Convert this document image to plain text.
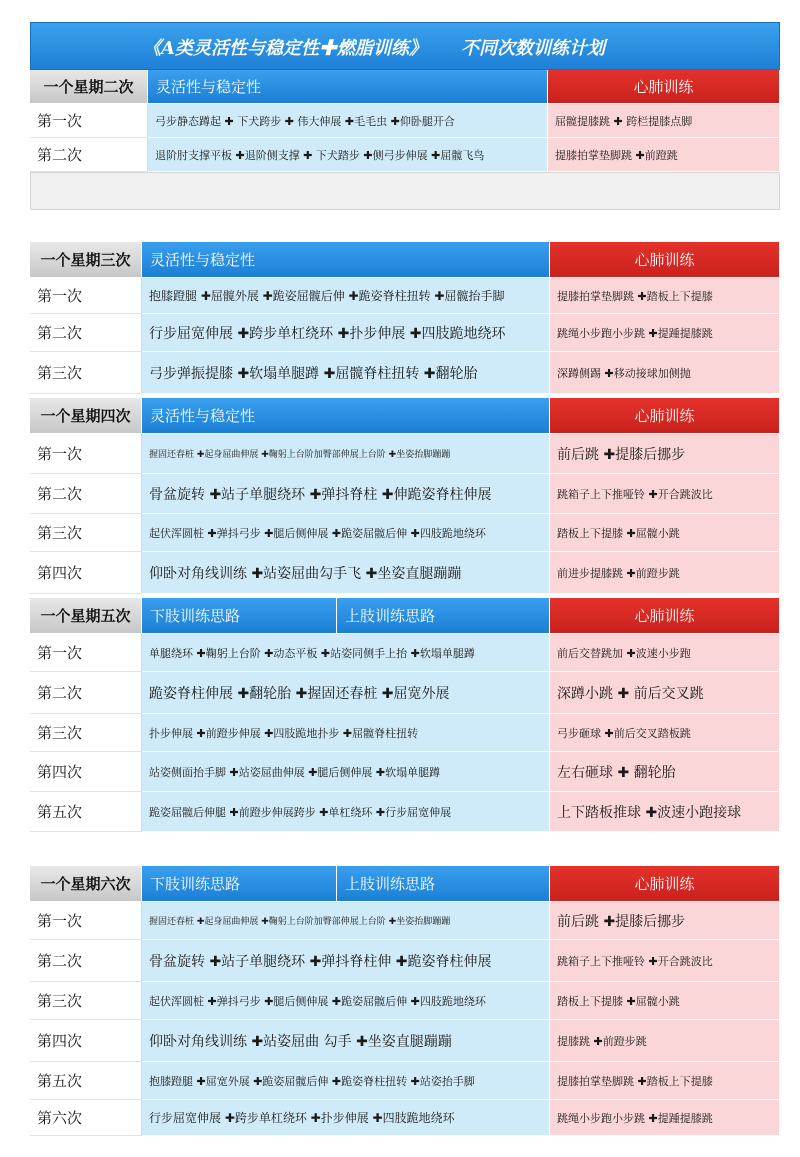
《A类灵活性与稳定性✚燃脂训练》 不同次数训练计划
一个星期二次	灵活性与稳定性	心肺训练
第一次	弓步静态蹲起 ✚ 下犬跨步 ✚ 伟大伸展 ✚毛毛虫 ✚仰卧腿开合	屈髋提膝跳 ✚ 跨栏提膝点脚
第二次	退阶肘支撑平板 ✚退阶侧支撑 ✚ 下犬踏步 ✚侧弓步伸展 ✚屈髋飞鸟	提膝拍掌垫脚跳 ✚前蹬跳
一个星期三次	灵活性与稳定性	心肺训练
第一次	抱膝蹬腿 ✚屈髋外展 ✚跪姿屈髋后伸 ✚跪姿脊柱扭转 ✚屈髋抬手脚	提膝拍掌垫脚跳 ✚踏板上下提膝
第二次	行步屈宽伸展 ✚跨步单杠绕环 ✚扑步伸展 ✚四肢跪地绕环	跳绳小步跑小步跳 ✚提踵提膝跳
第三次	弓步弹振提膝 ✚软塌单腿蹲 ✚屈髋脊柱扭转 ✚翻轮胎	深蹲侧踢 ✚移动接球加侧抛
一个星期四次	灵活性与稳定性	心肺训练
第一次	握固还春桩 ✚起身屈曲伸展 ✚鞠躬上台阶加臀部伸展上台阶 ✚坐姿抬脚蹦蹦	前后跳 ✚提膝后挪步
第二次	骨盆旋转 ✚站子单腿绕环 ✚弹抖脊柱 ✚伸跪姿脊柱伸展	跳箱子上下推哑铃 ✚开合跳波比
第三次	起伏浑圆桩 ✚弹抖弓步 ✚腿后侧伸展 ✚跪姿屈髋后伸 ✚四肢跪地绕环	踏板上下提膝 ✚屈髋小跳
第四次	仰卧对角线训练 ✚站姿屈曲勾手飞 ✚坐姿直腿蹦蹦	前进步提膝跳 ✚前蹬步跳
一个星期五次	下肢训练思路	上肢训练思路	心肺训练
第一次	单腿绕环 ✚鞠躬上台阶 ✚动态平板 ✚站姿同侧手上抬 ✚软塌单腿蹲	前后交替跳加 ✚波速小步跑
第二次	跪姿脊柱伸展 ✚翻轮胎 ✚握固还春桩 ✚屈宽外展	深蹲小跳 ✚ 前后交叉跳
第三次	扑步伸展 ✚前蹬步伸展 ✚四肢跪地扑步 ✚屈髋脊柱扭转	弓步砸球 ✚前后交叉踏板跳
第四次	站姿侧面抬手脚 ✚站姿屈曲伸展 ✚腿后侧伸展 ✚软塌单腿蹲	左右砸球 ✚ 翻轮胎
第五次	跪姿屈髋后伸腿 ✚前蹬步伸展跨步 ✚单杠绕环 ✚行步屈宽伸展	上下踏板推球 ✚波速小跑接球
一个星期六次	下肢训练思路	上肢训练思路	心肺训练
第一次	握固还春桩 ✚起身屈曲伸展 ✚鞠躬上台阶加臀部伸展上台阶 ✚坐姿抬脚蹦蹦	前后跳 ✚提膝后挪步
第二次	骨盆旋转 ✚站子单腿绕环 ✚弹抖脊柱伸 ✚跪姿脊柱伸展	跳箱子上下推哑铃 ✚开合跳波比
第三次	起伏浑圆桩 ✚弹抖弓步 ✚腿后侧伸展 ✚跪姿屈髋后伸 ✚四肢跪地绕环	踏板上下提膝 ✚屈髋小跳
第四次	仰卧对角线训练 ✚站姿屈曲 勾手 ✚坐姿直腿蹦蹦	提膝跳 ✚前蹬步跳
第五次	抱膝蹬腿 ✚屈宽外展 ✚跪姿屈髋后伸 ✚跪姿脊柱扭转 ✚站姿抬手脚	提膝拍掌垫脚跳 ✚踏板上下提膝
第六次	行步屈宽伸展 ✚跨步单杠绕环 ✚扑步伸展 ✚四肢跪地绕环	跳绳小步跑小步跳 ✚提踵提膝跳
